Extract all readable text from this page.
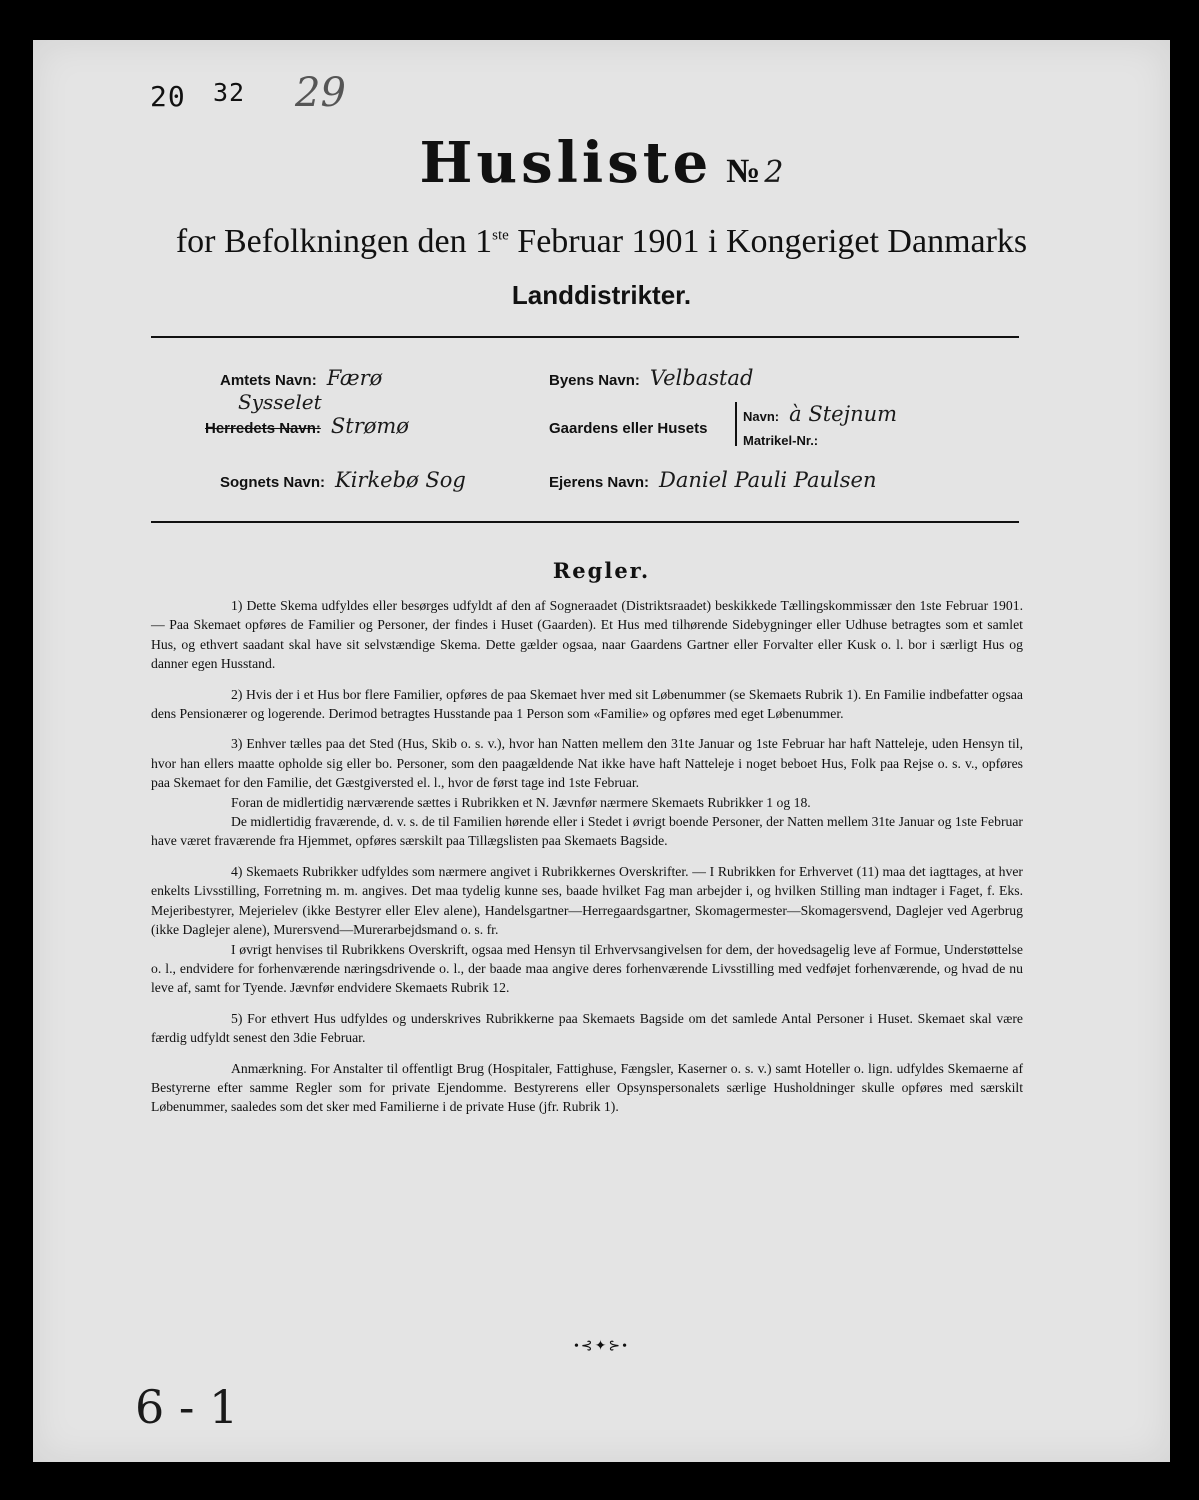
20 32 29
Husliste № 2
for Befolkningen den 1ste Februar 1901 i Kongeriget Danmarks
Landdistrikter.
Amtets Navn: Færø
Sysselet
Herredets Navn: Strømø
Sognets Navn: Kirkebø Sog
Byens Navn: Velbastad
Gaardens eller Husets
Navn: à Stejnum
Matrikel-Nr.:
Ejerens Navn: Daniel Pauli Paulsen
Regler.

1) Dette Skema udfyldes eller besørges udfyldt af den af Sogneraadet (Distriktsraadet) beskikkede Tællingskommissær den 1ste Februar 1901. — Paa Skemaet opføres de Familier og Personer, der findes i Huset (Gaarden). Et Hus med tilhørende Sidebygninger eller Udhuse betragtes som et samlet Hus, og ethvert saadant skal have sit selvstændige Skema. Dette gælder ogsaa, naar Gaardens Gartner eller Forvalter eller Kusk o. l. bor i særligt Hus og danner egen Husstand.

2) Hvis der i et Hus bor flere Familier, opføres de paa Skemaet hver med sit Løbenummer (se Skemaets Rubrik 1). En Familie indbefatter ogsaa dens Pensionærer og logerende. Derimod betragtes Husstande paa 1 Person som «Familie» og opføres med eget Løbenummer.

3) Enhver tælles paa det Sted (Hus, Skib o. s. v.), hvor han Natten mellem den 31te Januar og 1ste Februar har haft Natteleje, uden Hensyn til, hvor han ellers maatte opholde sig eller bo. Personer, som den paagældende Nat ikke have haft Natteleje i noget beboet Hus, Folk paa Rejse o. s. v., opføres paa Skemaet for den Familie, det Gæstgiversted el. l., hvor de først tage ind 1ste Februar.

Foran de midlertidig nærværende sættes i Rubrikken et N. Jævnfør nærmere Skemaets Rubrikker 1 og 18.

De midlertidig fraværende, d. v. s. de til Familien hørende eller i Stedet i øvrigt boende Personer, der Natten mellem 31te Januar og 1ste Februar have været fraværende fra Hjemmet, opføres særskilt paa Tillægslisten paa Skemaets Bagside.

4) Skemaets Rubrikker udfyldes som nærmere angivet i Rubrikkernes Overskrifter. — I Rubrikken for Erhvervet (11) maa det iagttages, at hver enkelts Livsstilling, Forretning m. m. angives. Det maa tydelig kunne ses, baade hvilket Fag man arbejder i, og hvilken Stilling man indtager i Faget, f. Eks. Mejeribestyrer, Mejerielev (ikke Bestyrer eller Elev alene), Handelsgartner—Herregaardsgartner, Skomagermester—Skomagersvend, Daglejer ved Agerbrug (ikke Daglejer alene), Murersvend—Murerarbejdsmand o. s. fr.

I øvrigt henvises til Rubrikkens Overskrift, ogsaa med Hensyn til Erhvervsangivelsen for dem, der hovedsagelig leve af Formue, Understøttelse o. l., endvidere for forhenværende næringsdrivende o. l., der baade maa angive deres forhenværende Livsstilling med vedføjet forhenværende, og hvad de nu leve af, samt for Tyende. Jævnfør endvidere Skemaets Rubrik 12.

5) For ethvert Hus udfyldes og underskrives Rubrikkerne paa Skemaets Bagside om det samlede Antal Personer i Huset. Skemaet skal være færdig udfyldt senest den 3die Februar.

Anmærkning. For Anstalter til offentligt Brug (Hospitaler, Fattighuse, Fængsler, Kaserner o. s. v.) samt Hoteller o. lign. udfyldes Skemaerne af Bestyrerne efter samme Regler som for private Ejendomme. Bestyrerens eller Opsynspersonalets særlige Husholdninger skulle opføres med særskilt Løbenummer, saaledes som det sker med Familierne i de private Huse (jfr. Rubrik 1).

•⊰✦⊱•
6 - 1
